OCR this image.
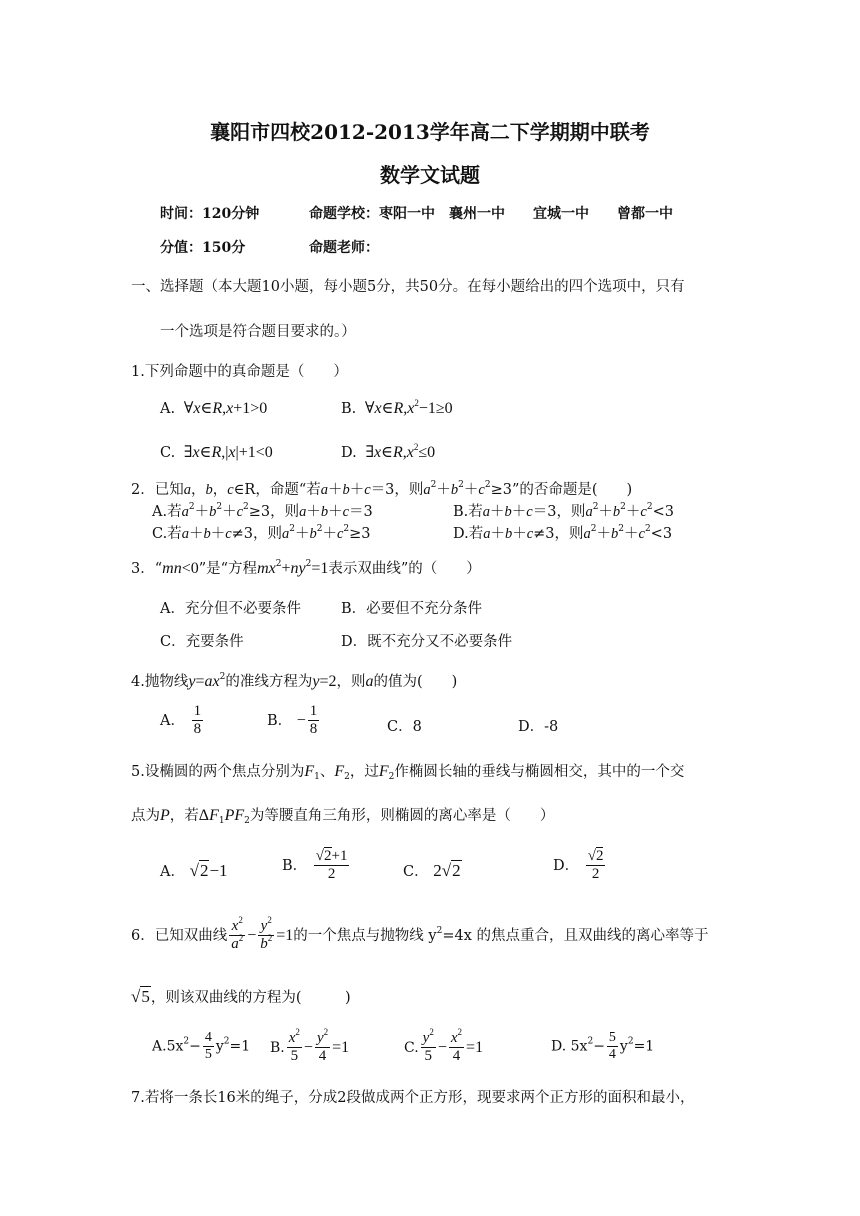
襄阳市四校2012-2013学年高二下学期期中联考
数学文试题
时间：120分钟	命题学校：枣阳一中　襄州一中　　宜城一中　　曾都一中
分值：150分	命题老师：
一、选择题（本大题10小题，每小题5分，共50分。在每小题给出的四个选项中，只有
一个选项是符合题目要求的。）
1.下列命题中的真命题是（　　）
A.  ∀x∈R,x+1>0	B.  $\forall x\in R,x^2-1\ge 0$
C.  ∃x∈R,|x|+1<0	D.  $\exists x\in R,x^2\le 0$
2．已知a，b，c∈R，命题“若a＋b＋c＝3，则$a^2+b^2+c^2\ge 3$”的否命题是(　　)
A.若$a^2+b^2+c^2\ge 3$，则a＋b＋c＝3	B.若a＋b＋c＝3，则$a^2+b^2+c^2<3$
C.若a＋b＋c≠3，则$a^2+b^2+c^2\ge 3$	D.若a＋b＋c≠3，则$a^2+b^2+c^2<3$
3．“mn<0”是“方程$mx^2+ny^2=1$表示双曲线”的（　　）
A．充分但不必要条件	B．必要但不充分条件
C．充要条件	D．既不充分又不必要条件
4.抛物线$y=ax^2$的准线方程为y=2，则a的值为(　　)
A． $\frac{1}{8}$	B． − $\frac{1}{8}$	C．8	D．-8
5.设椭圆的两个焦点分别为$F_1$、$F_2$，过$F_2$作椭圆长轴的垂线与椭圆相交，其中的一个交
点为P，若$\Delta F_1PF_2$为等腰直角三角形，则椭圆的离心率是（　　）
A． √2−1	B． $\frac{√2+1}{2}$	C． 2√2	D． $\frac{√2}{2}$
6．已知双曲线 $\frac{x^2}{a^2} - \frac{y^2}{b^2} =1$的一个焦点与抛物线 $y^2=4x$ 的焦点重合，且双曲线的离心率等于
√5，则该双曲线的方程为(　　　)
$A.5x^2- \frac{4}{5} y^2=1$ B. $\frac{x^2}{5} - \frac{y^2}{4} =1$	C. $\frac{y^2}{5} - \frac{x^2}{4} =1$	D. $5x^2- \frac{5}{4} y^2=1$
7.若将一条长16米的绳子，分成2段做成两个正方形，现要求两个正方形的面积和最小，
